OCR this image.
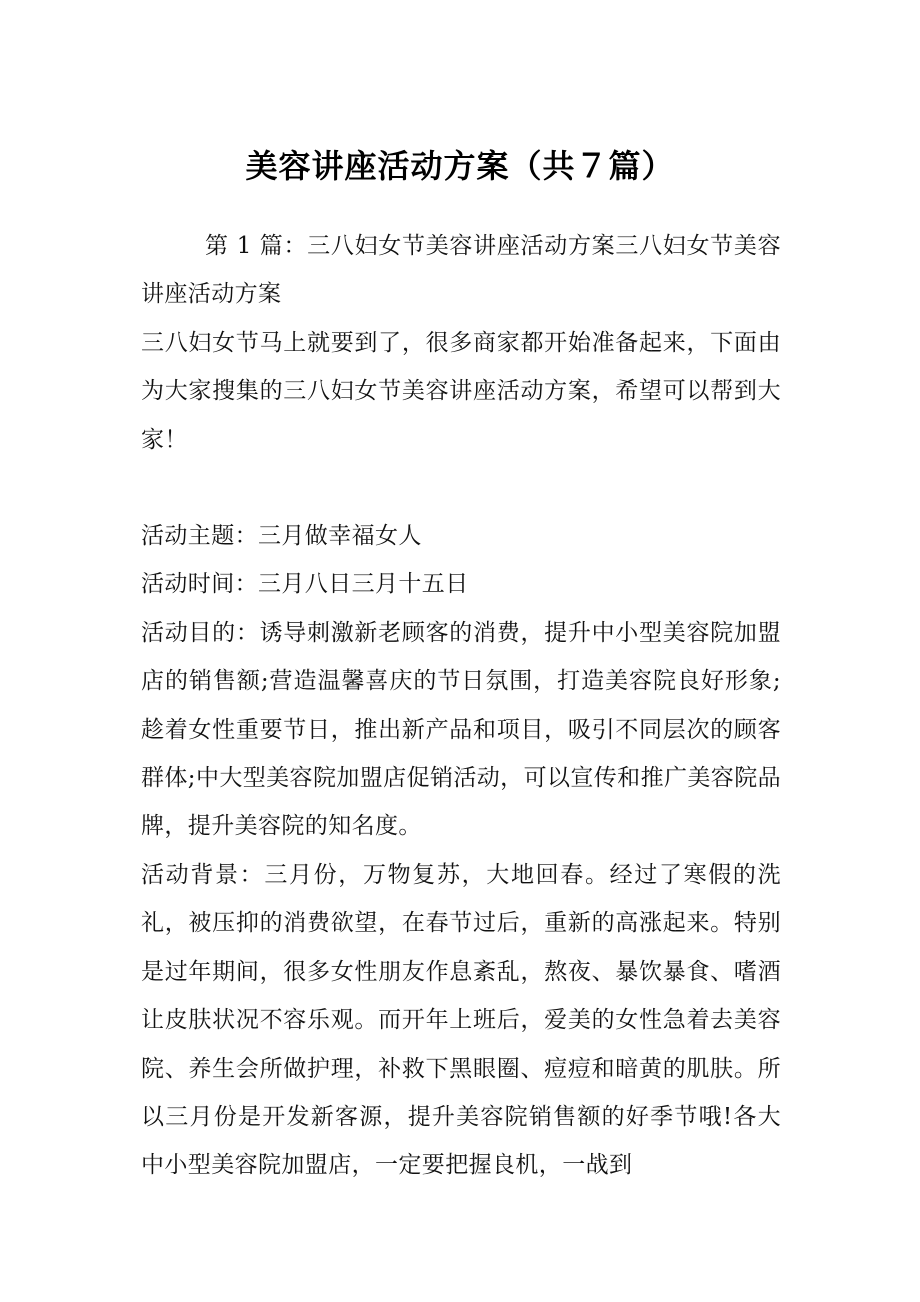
美容讲座活动方案（共７篇）

第 1 篇：三八妇女节美容讲座活动方案三八妇女节美容讲座活动方案

三八妇女节马上就要到了，很多商家都开始准备起来，下面由为大家搜集的三八妇女节美容讲座活动方案，希望可以帮到大家！

活动主题：三月做幸福女人

活动时间：三月八日三月十五日

活动目的：诱导刺激新老顾客的消费，提升中小型美容院加盟店的销售额;营造温馨喜庆的节日氛围，打造美容院良好形象;趁着女性重要节日，推出新产品和项目，吸引不同层次的顾客群体;中大型美容院加盟店促销活动，可以宣传和推广美容院品牌，提升美容院的知名度。

活动背景：三月份，万物复苏，大地回春。经过了寒假的洗礼，被压抑的消费欲望，在春节过后，重新的高涨起来。特别是过年期间，很多女性朋友作息紊乱，熬夜、暴饮暴食、嗜酒让皮肤状况不容乐观。而开年上班后，爱美的女性急着去美容院、养生会所做护理，补救下黑眼圈、痘痘和暗黄的肌肤。所以三月份是开发新客源，提升美容院销售额的好季节哦!各大中小型美容院加盟店，一定要把握良机，一战到
